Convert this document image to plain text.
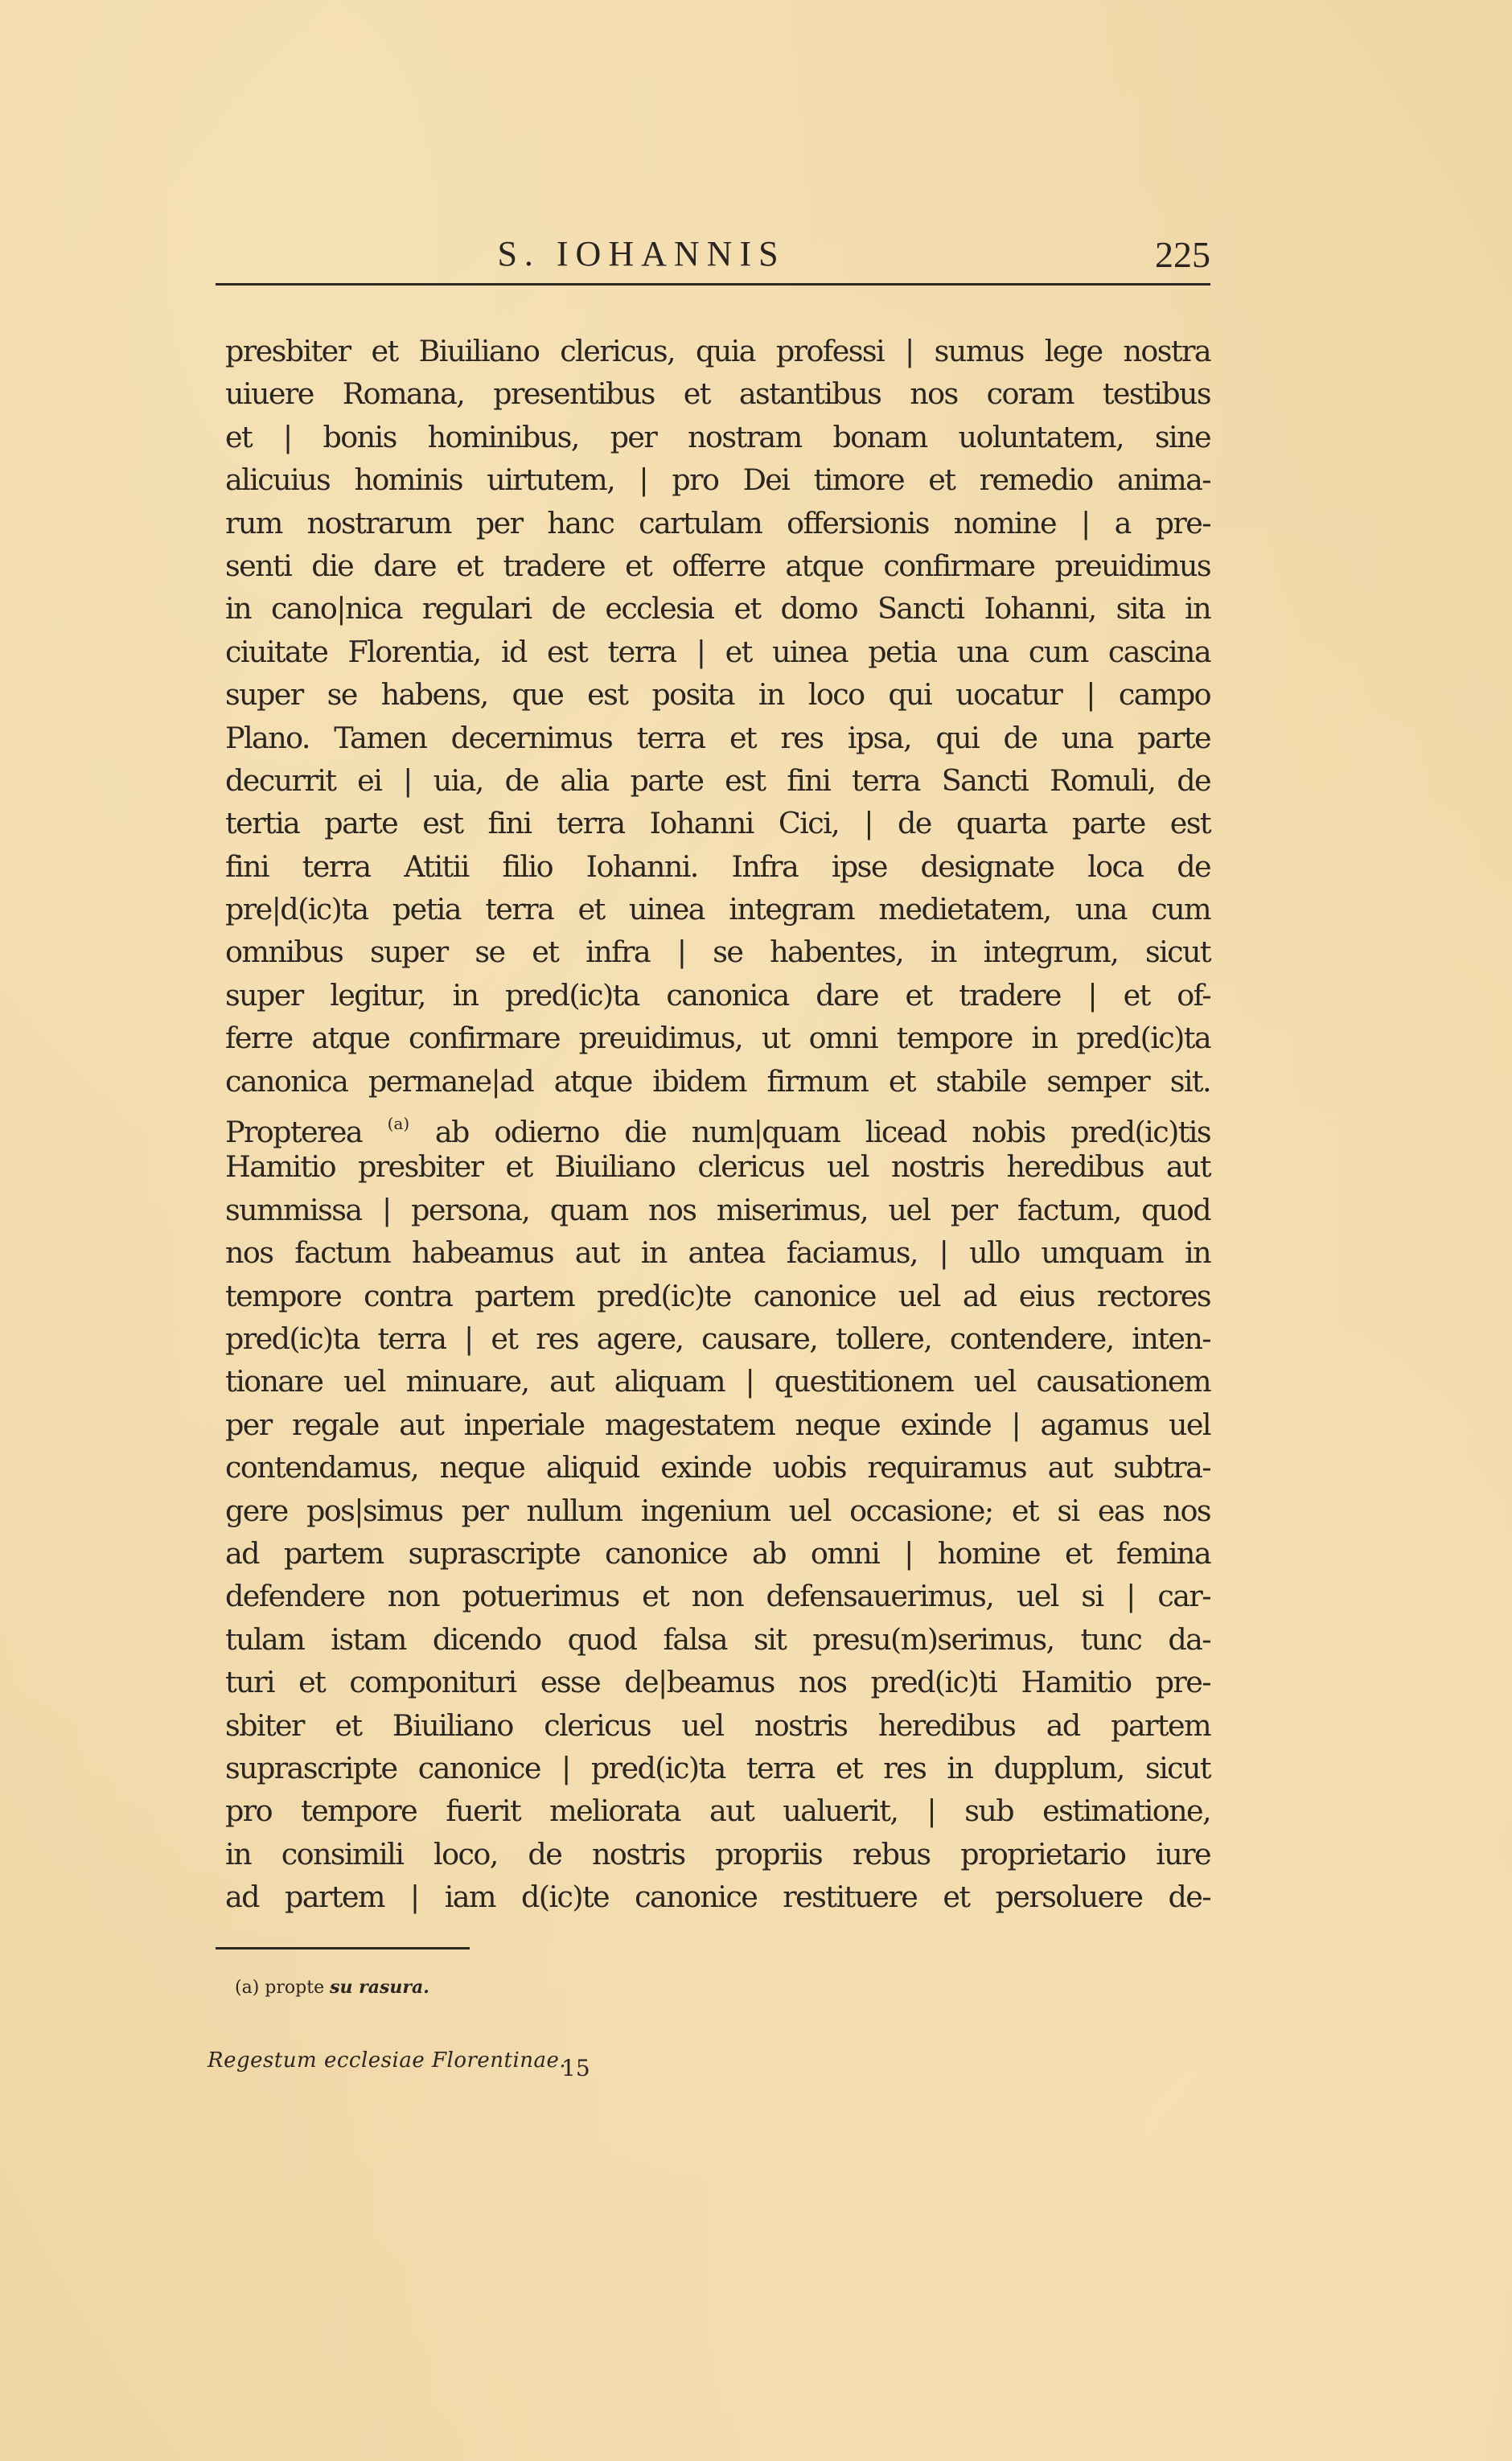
S. IOHANNIS	225
presbiter et Biuiliano clericus, quia professi | sumus lege nostra
uiuere Romana, presentibus et astantibus nos coram testibus
et | bonis hominibus, per nostram bonam uoluntatem, sine
alicuius hominis uirtutem, | pro Dei timore et remedio anima-
rum nostrarum per hanc cartulam offersionis nomine | a pre-
senti die dare et tradere et offerre atque confirmare preuidimus
in cano|nica regulari de ecclesia et domo Sancti Iohanni, sita in
ciuitate Florentia, id est terra | et uinea petia una cum cascina
super se habens, que est posita in loco qui uocatur | campo
Plano. Tamen decernimus terra et res ipsa, qui de una parte
decurrit ei | uia, de alia parte est fini terra Sancti Romuli, de
tertia parte est fini terra Iohanni Cici, | de quarta parte est
fini terra Atitii filio Iohanni. Infra ipse designate loca de
pre|d(ic)ta petia terra et uinea integram medietatem, una cum
omnibus super se et infra | se habentes, in integrum, sicut
super legitur, in pred(ic)ta canonica dare et tradere | et of-
ferre atque confirmare preuidimus, ut omni tempore in pred(ic)ta
canonica permane|ad atque ibidem firmum et stabile semper sit.
Propterea $^{(a)}$ ab odierno die num|quam licead nobis pred(ic)tis
Hamitio presbiter et Biuiliano clericus uel nostris heredibus aut
summissa | persona, quam nos miserimus, uel per factum, quod
nos factum habeamus aut in antea faciamus, | ullo umquam in
tempore contra partem pred(ic)te canonice uel ad eius rectores
pred(ic)ta terra | et res agere, causare, tollere, contendere, inten-
tionare uel minuare, aut aliquam | questitionem uel causationem
per regale aut inperiale magestatem neque exinde | agamus uel
contendamus, neque aliquid exinde uobis requiramus aut subtra-
gere pos|simus per nullum ingenium uel occasione; et si eas nos
ad partem suprascripte canonice ab omni | homine et femina
defendere non potuerimus et non defensauerimus, uel si | car-
tulam istam dicendo quod falsa sit presu(m)serimus, tunc da-
turi et componituri esse de|beamus nos pred(ic)ti Hamitio pre-
sbiter et Biuiliano clericus uel nostris heredibus ad partem
suprascripte canonice | pred(ic)ta terra et res in dupplum, sicut
pro tempore fuerit meliorata aut ualuerit, | sub estimatione,
in consimili loco, de nostris propriis rebus proprietario iure
ad partem | iam d(ic)te canonice restituere et persoluere de-
(a) propte su rasura.
Regestum ecclesiae Florentinae.
15
